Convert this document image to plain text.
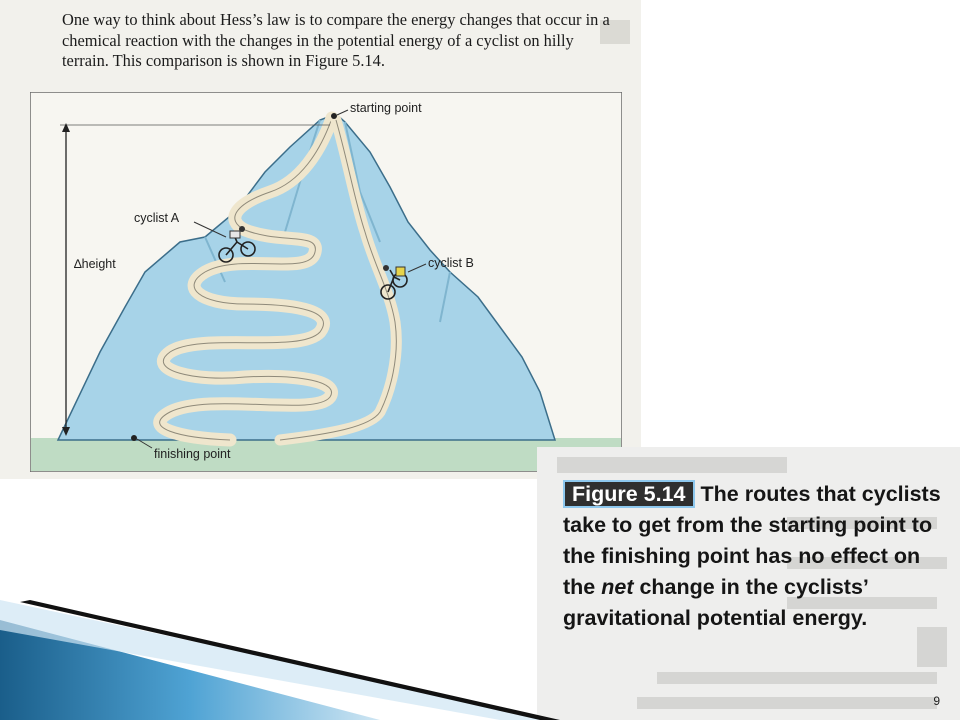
One way to think about Hess’s law is to compare the energy changes that occur in a chemical reaction with the changes in the potential energy of a cyclist on hilly terrain. This comparison is shown in Figure 5.14.

starting point
∆height
cyclist A
cyclist B
finishing point

Figure 5.14 The routes that cyclists take to get from the starting point to the finishing point has no effect on the net change in the cyclists’ gravitational potential energy.

9
